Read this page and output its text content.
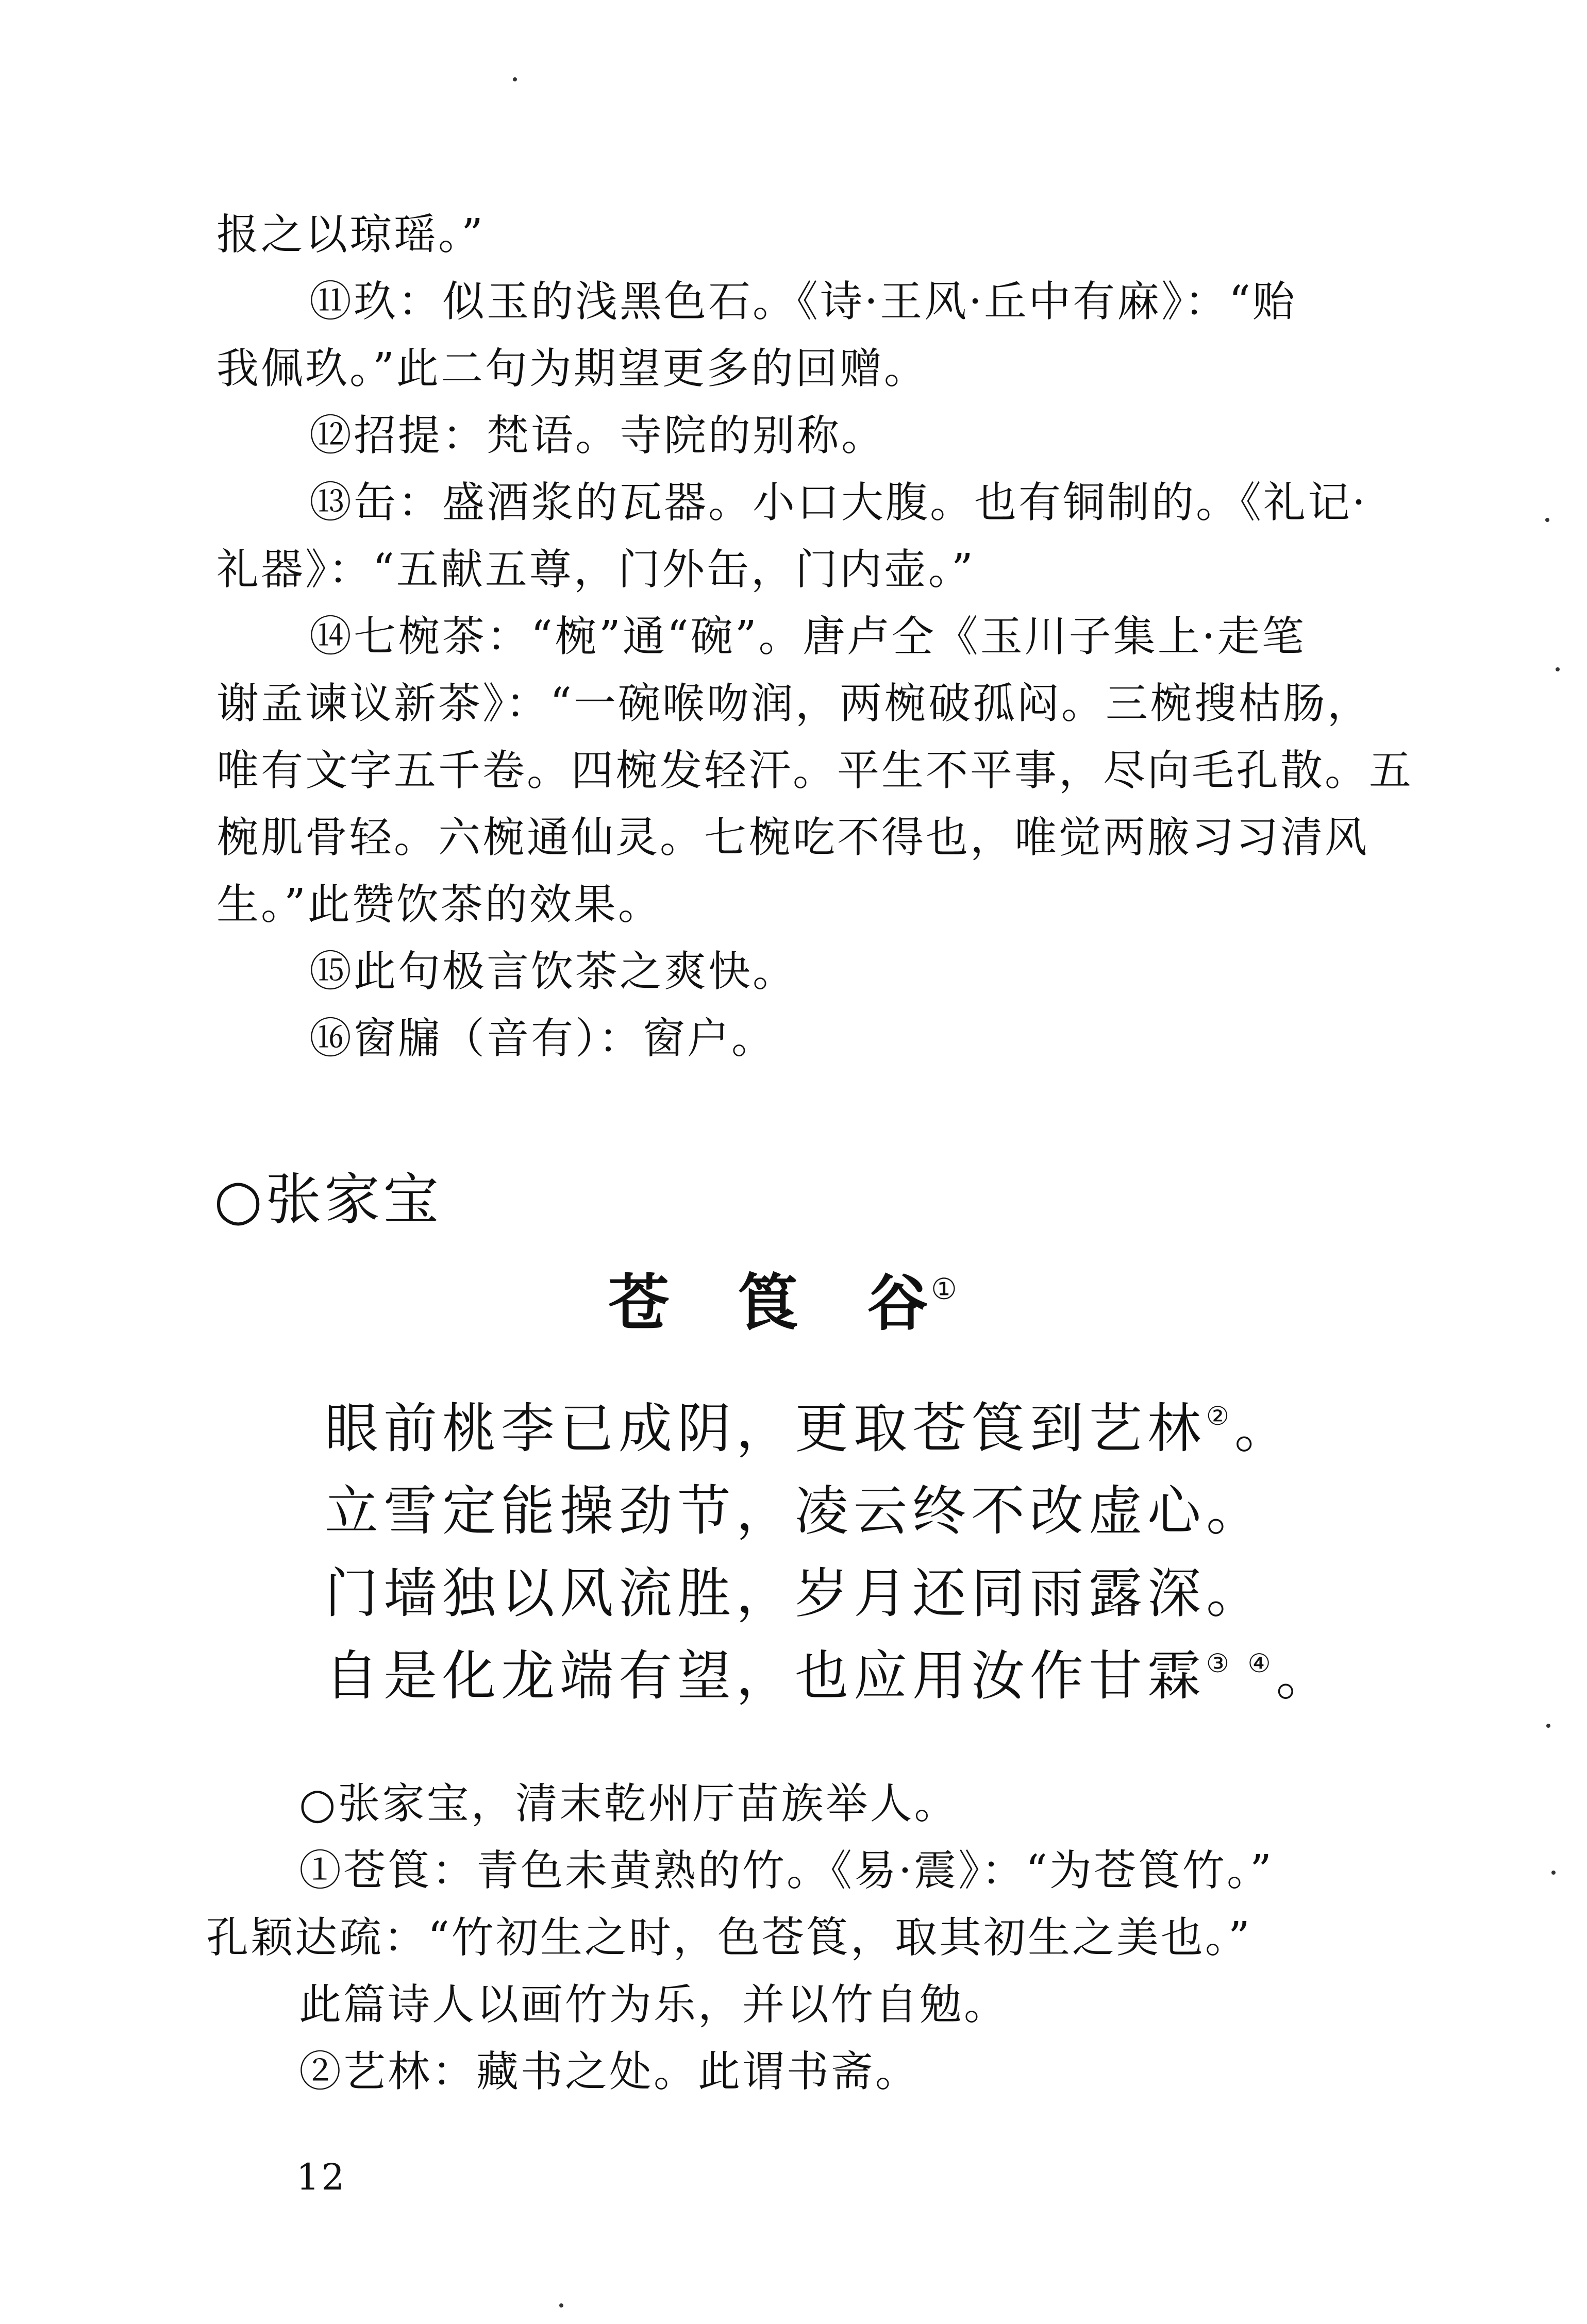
报之以琼瑶。”
⑪玖：似玉的浅黑色石。《诗·王风·丘中有麻》：“贻
我佩玖。”此二句为期望更多的回赠。
⑫招提：梵语。寺院的别称。
⑬缶：盛酒浆的瓦器。小口大腹。也有铜制的。《礼记·
礼器》：“五献五尊，门外缶，门内壶。”
⑭七椀茶：“椀”通“碗”。唐卢仝《玉川子集上·走笔
谢孟谏议新茶》：“一碗喉吻润，两椀破孤闷。三椀搜枯肠，
唯有文字五千卷。四椀发轻汗。平生不平事，尽向毛孔散。五
椀肌骨轻。六椀通仙灵。七椀吃不得也，唯觉两腋习习清风
生。”此赞饮茶的效果。
⑮此句极言饮茶之爽快。
⑯窗牖（音有）：窗户。
○张家宝
苍 筤 谷①
眼前桃李已成阴，更取苍筤到艺林②。
立雪定能操劲节，凌云终不改虚心。
门墙独以风流胜，岁月还同雨露深。
自是化龙端有望，也应用汝作甘霖③ ④。
○张家宝，清末乾州厅苗族举人。
①苍筤：青色未黄熟的竹。《易·震》：“为苍筤竹。”
孔颖达疏：“竹初生之时，色苍筤，取其初生之美也。”
此篇诗人以画竹为乐，并以竹自勉。
②艺林：藏书之处。此谓书斋。
12
